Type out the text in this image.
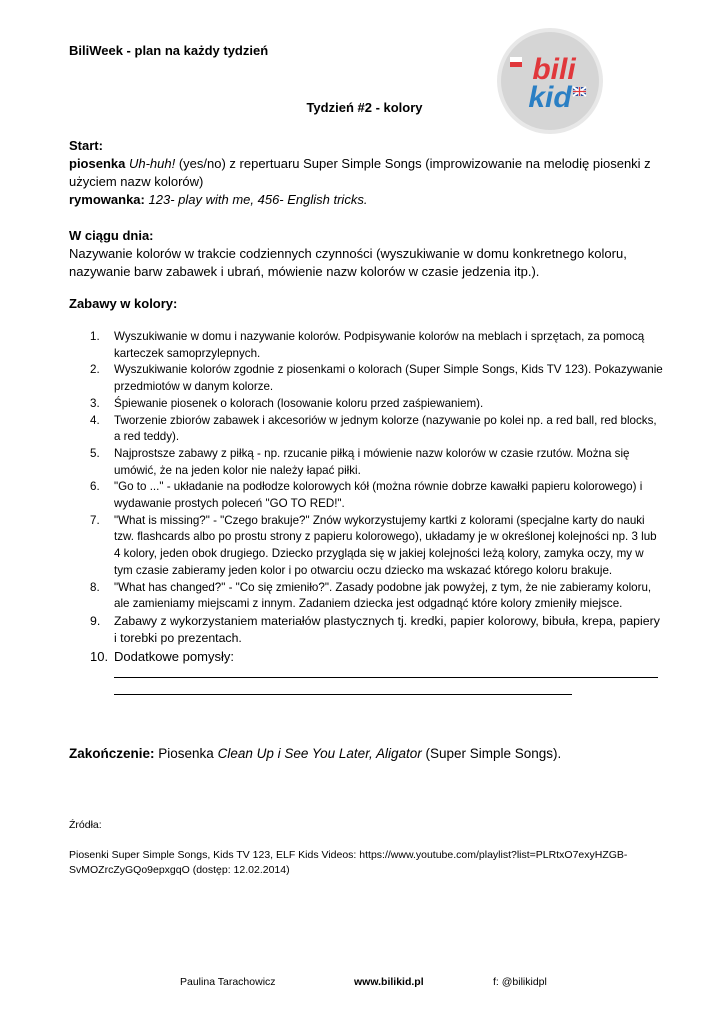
BiliWeek - plan na każdy tydzień
bili
kid
Tydzień #2 - kolory
Start:
piosenka Uh-huh! (yes/no) z repertuaru Super Simple Songs (improwizowanie na melodię piosenki z użyciem nazw kolorów)
rymowanka: 123- play with me, 456- English tricks.
W ciągu dnia:
Nazywanie kolorów w trakcie codziennych czynności (wyszukiwanie w domu konkretnego koloru, nazywanie barw zabawek i ubrań, mówienie nazw kolorów w czasie jedzenia itp.).
Zabawy w kolory:
1.	Wyszukiwanie w domu i nazywanie kolorów. Podpisywanie kolorów na meblach i sprzętach, za pomocą karteczek samoprzylepnych.
2.	Wyszukiwanie kolorów zgodnie z piosenkami o kolorach (Super Simple Songs, Kids TV 123). Pokazywanie przedmiotów w danym kolorze.
3.	Śpiewanie piosenek o kolorach (losowanie koloru przed zaśpiewaniem).
4.	Tworzenie zbiorów zabawek i akcesoriów w jednym kolorze (nazywanie po kolei np. a red ball, red blocks, a red teddy).
5.	Najprostsze zabawy z piłką - np. rzucanie piłką i mówienie nazw kolorów w czasie rzutów. Można się umówić, że na jeden kolor nie należy łapać piłki.
6.	"Go to ..." - układanie na podłodze kolorowych kół (można równie dobrze kawałki papieru kolorowego) i wydawanie prostych poleceń "GO TO RED!".
7.	"What is missing?" - "Czego brakuje?" Znów wykorzystujemy kartki z kolorami (specjalne karty do nauki tzw. flashcards albo po prostu strony z papieru kolorowego), układamy je w określonej kolejności np. 3 lub 4 kolory, jeden obok drugiego. Dziecko przygląda się w jakiej kolejności leżą kolory, zamyka oczy, my w tym czasie zabieramy jeden kolor i po otwarciu oczu dziecko ma wskazać którego koloru brakuje.
8.	"What has changed?" - "Co się zmieniło?". Zasady podobne jak powyżej, z tym, że nie zabieramy koloru, ale zamieniamy miejscami z innym. Zadaniem dziecka jest odgadnąć które kolory zmieniły miejsce.
9.	Zabawy z wykorzystaniem materiałów plastycznych tj. kredki, papier kolorowy, bibuła, krepa, papiery i torebki po prezentach.
10. Dodatkowe pomysły:
Zakończenie: Piosenka Clean Up i See You Later, Aligator (Super Simple Songs).
Źródła:
Piosenki Super Simple Songs, Kids TV 123, ELF Kids Videos: https://www.youtube.com/playlist?list=PLRtxO7exyHZGB-SvMOZrcZyGQo9epxgqO (dostęp: 12.02.2014)
Paulina Tarachowicz	www.bilikid.pl	f: @bilikidpl
